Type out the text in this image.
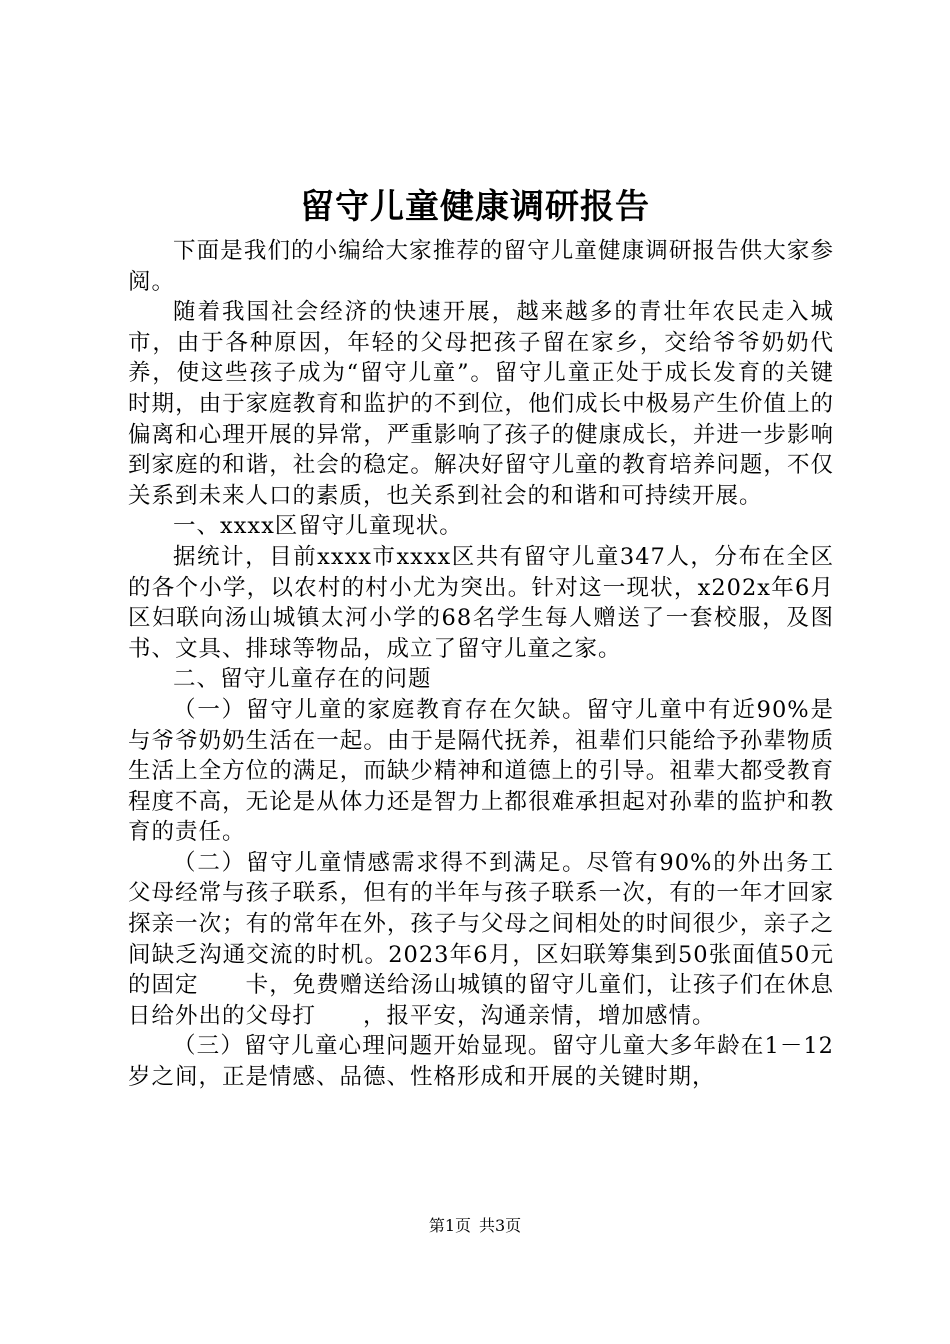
留守儿童健康调研报告

下面是我们的小编给大家推荐的留守儿童健康调研报告供大家参阅。

随着我国社会经济的快速开展，越来越多的青壮年农民走入城市，由于各种原因，年轻的父母把孩子留在家乡，交给爷爷奶奶代养，使这些孩子成为“留守儿童”。留守儿童正处于成长发育的关键时期，由于家庭教育和监护的不到位，他们成长中极易产生价值上的偏离和心理开展的异常，严重影响了孩子的健康成长，并进一步影响到家庭的和谐，社会的稳定。解决好留守儿童的教育培养问题，不仅关系到未来人口的素质，也关系到社会的和谐和可持续开展。

一、xxxx区留守儿童现状。

据统计，目前xxxx市xxxx区共有留守儿童347人，分布在全区的各个小学，以农村的村小尤为突出。针对这一现状，x202x年6月区妇联向汤山城镇太河小学的68名学生每人赠送了一套校服，及图书、文具、排球等物品，成立了留守儿童之家。

二、留守儿童存在的问题

（一）留守儿童的家庭教育存在欠缺。留守儿童中有近90%是与爷爷奶奶生活在一起。由于是隔代抚养，祖辈们只能给予孙辈物质生活上全方位的满足，而缺少精神和道德上的引导。祖辈大都受教育程度不高，无论是从体力还是智力上都很难承担起对孙辈的监护和教育的责任。

（二）留守儿童情感需求得不到满足。尽管有90%的外出务工父母经常与孩子联系，但有的半年与孩子联系一次，有的一年才回家探亲一次；有的常年在外，孩子与父母之间相处的时间很少，亲子之间缺乏沟通交流的时机。2023年6月，区妇联筹集到50张面值50元的固定　　卡，免费赠送给汤山城镇的留守儿童们，让孩子们在休息日给外出的父母打　　，报平安，沟通亲情，增加感情。

（三）留守儿童心理问题开始显现。留守儿童大多年龄在1－12岁之间，正是情感、品德、性格形成和开展的关键时期，

第1页 共3页
